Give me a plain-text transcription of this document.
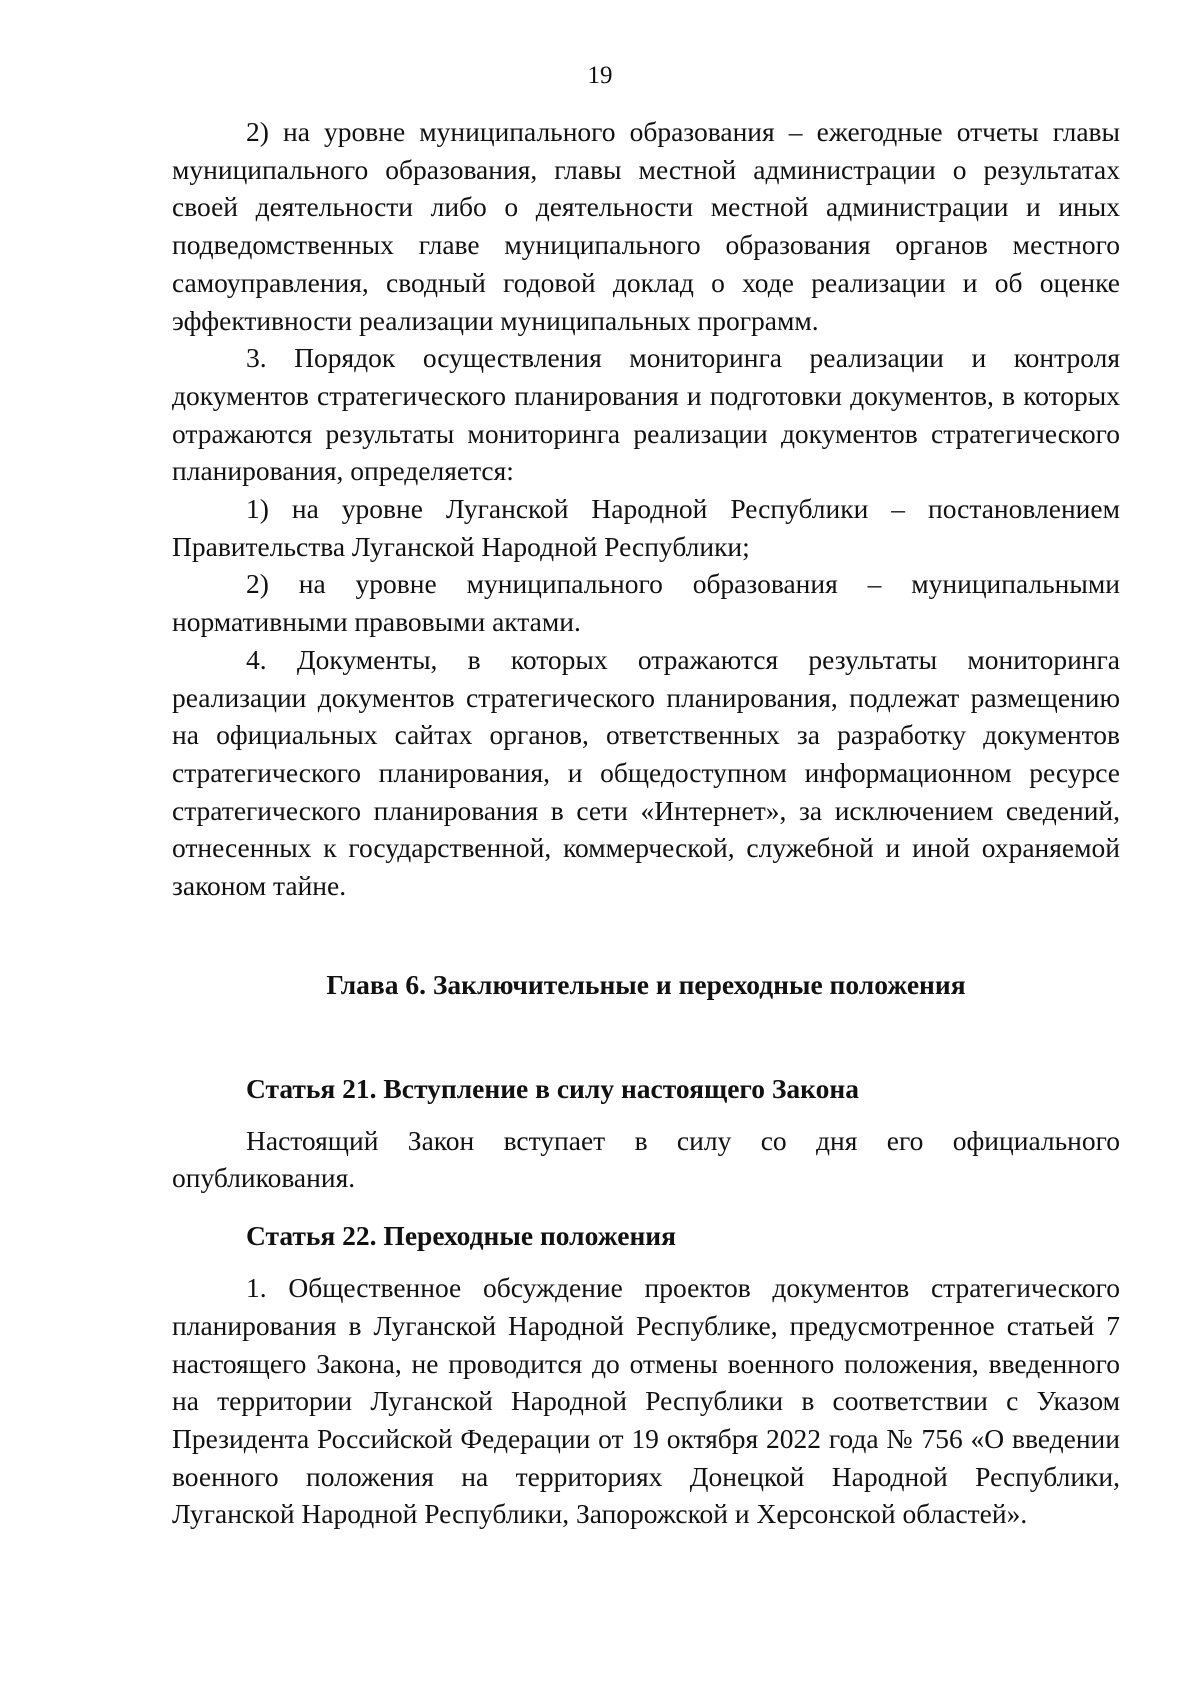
19

2) на уровне муниципального образования – ежегодные отчеты главы муниципального образования, главы местной администрации о результатах своей деятельности либо о деятельности местной администрации и иных подведомственных главе муниципального образования органов местного самоуправления, сводный годовой доклад о ходе реализации и об оценке эффективности реализации муниципальных программ.

3. Порядок осуществления мониторинга реализации и контроля документов стратегического планирования и подготовки документов, в которых отражаются результаты мониторинга реализации документов стратегического планирования, определяется:

1) на уровне Луганской Народной Республики – постановлением Правительства Луганской Народной Республики;

2) на уровне муниципального образования – муниципальными нормативными правовыми актами.

4. Документы, в которых отражаются результаты мониторинга реализации документов стратегического планирования, подлежат размещению на официальных сайтах органов, ответственных за разработку документов стратегического планирования, и общедоступном информационном ресурсе стратегического планирования в сети «Интернет», за исключением сведений, отнесенных к государственной, коммерческой, служебной и иной охраняемой законом тайне.

Глава 6. Заключительные и переходные положения
Статья 21. Вступление в силу настоящего Закона

Настоящий Закон вступает в силу со дня его официального опубликования.

Статья 22. Переходные положения

1. Общественное обсуждение проектов документов стратегического планирования в Луганской Народной Республике, предусмотренное статьей 7 настоящего Закона, не проводится до отмены военного положения, введенного на территории Луганской Народной Республики в соответствии с Указом Президента Российской Федерации от 19 октября 2022 года № 756 «О введении военного положения на территориях Донецкой Народной Республики, Луганской Народной Республики, Запорожской и Херсонской областей».
